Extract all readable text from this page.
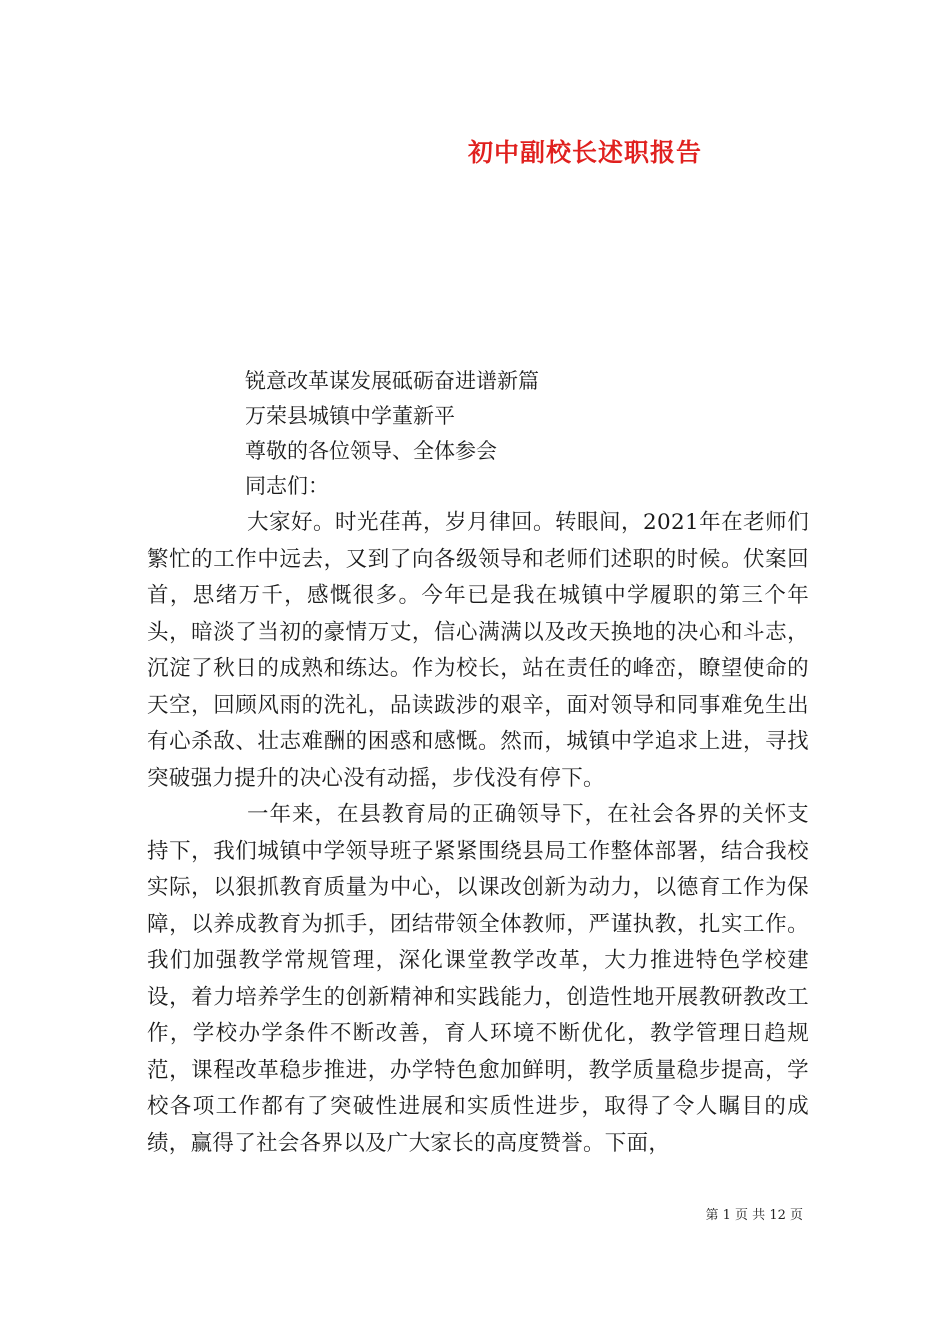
初中副校长述职报告
锐意改革谋发展砥砺奋进谱新篇
万荣县城镇中学董新平
尊敬的各位领导、全体参会
同志们：

大家好。时光荏苒，岁月律回。转眼间，2021年在老师们繁忙的工作中远去，又到了向各级领导和老师们述职的时候。伏案回首，思绪万千，感慨很多。今年已是我在城镇中学履职的第三个年头，暗淡了当初的豪情万丈，信心满满以及改天换地的决心和斗志，沉淀了秋日的成熟和练达。作为校长，站在责任的峰峦，瞭望使命的天空，回顾风雨的洗礼，品读跋涉的艰辛，面对领导和同事难免生出有心杀敌、壮志难酬的困惑和感慨。然而，城镇中学追求上进，寻找突破强力提升的决心没有动摇，步伐没有停下。

一年来，在县教育局的正确领导下，在社会各界的关怀支持下，我们城镇中学领导班子紧紧围绕县局工作整体部署，结合我校实际，以狠抓教育质量为中心，以课改创新为动力，以德育工作为保障，以养成教育为抓手，团结带领全体教师，严谨执教，扎实工作。我们加强教学常规管理，深化课堂教学改革，大力推进特色学校建设，着力培养学生的创新精神和实践能力，创造性地开展教研教改工作，学校办学条件不断改善，育人环境不断优化，教学管理日趋规范，课程改革稳步推进，办学特色愈加鲜明，教学质量稳步提高，学校各项工作都有了突破性进展和实质性进步，取得了令人瞩目的成绩，赢得了社会各界以及广大家长的高度赞誉。下面，

第 1 页 共 12 页
